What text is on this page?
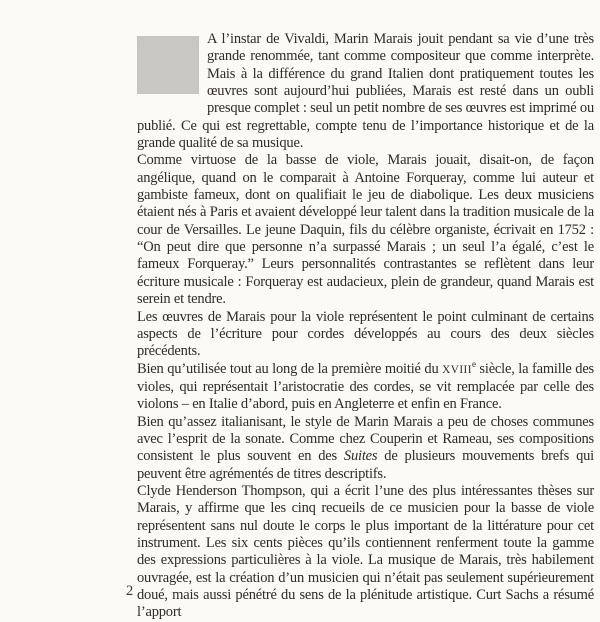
A l’instar de Vivaldi, Marin Marais jouit pendant sa vie d’une très grande renommée, tant comme compositeur que comme interprète. Mais à la différence du grand Italien dont pratiquement toutes les œuvres sont aujourd’hui publiées, Marais est resté dans un oubli presque complet : seul un petit nombre de ses œuvres est imprimé ou publié. Ce qui est regrettable, compte tenu de l’importance historique et de la grande qualité de sa musique.

Comme virtuose de la basse de viole, Marais jouait, disait-on, de façon angélique, quand on le comparait à Antoine Forqueray, comme lui auteur et gambiste fameux, dont on qualifiait le jeu de diabolique. Les deux musiciens étaient nés à Paris et avaient développé leur talent dans la tradition musicale de la cour de Versailles. Le jeune Daquin, fils du célèbre organiste, écrivait en 1752 : “On peut dire que personne n’a surpassé Marais ; un seul l’a égalé, c’est le fameux Forqueray.” Leurs personnalités contrastantes se reflètent dans leur écriture musicale : Forqueray est audacieux, plein de grandeur, quand Marais est serein et tendre.

Les œuvres de Marais pour la viole représentent le point culminant de certains aspects de l’écriture pour cordes développés au cours des deux siècles précédents.

Bien qu’utilisée tout au long de la première moitié du XVIIIe siècle, la famille des violes, qui représentait l’aristocratie des cordes, se vit remplacée par celle des violons – en Italie d’abord, puis en Angleterre et enfin en France.

Bien qu’assez italianisant, le style de Marin Marais a peu de choses communes avec l’esprit de la sonate. Comme chez Couperin et Rameau, ses compositions consistent le plus souvent en des Suites de plusieurs mouvements brefs qui peuvent être agrémentés de titres descriptifs.

Clyde Henderson Thompson, qui a écrit l’une des plus intéressantes thèses sur Marais, y affirme que les cinq recueils de ce musicien pour la basse de viole représentent sans nul doute le corps le plus important de la littérature pour cet instrument. Les six cents pièces qu’ils contiennent renferment toute la gamme des expressions particulières à la viole. La musique de Marais, très habilement ouvragée, est la création d’un musicien qui n’était pas seulement supérieurement doué, mais aussi pénétré du sens de la plénitude artistique. Curt Sachs a résumé l’apport

2
